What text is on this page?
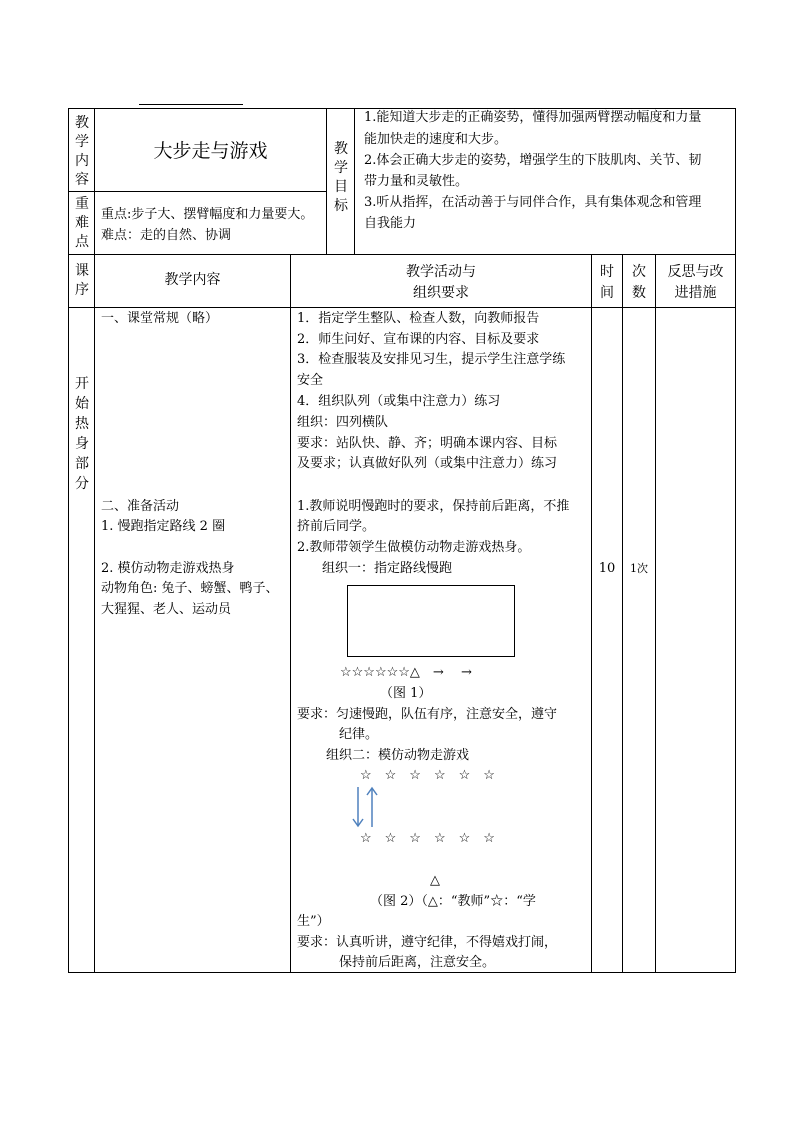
教学内容
大步走与游戏
重难点
重点:步子大、摆臂幅度和力量要大。
难点：走的自然、协调
教学目标
1.能知道大步走的正确姿势，懂得加强两臂摆动幅度和力量
能加快走的速度和大步。
2.体会正确大步走的姿势，增强学生的下肢肌肉、关节、韧
带力量和灵敏性。
3.听从指挥，在活动善于与同伴合作，具有集体观念和管理
自我能力
课序
教学内容	教学活动与
组织要求
时
间
次
数
反思与改
进措施
开始热身部分
一、课堂常规（略）
二、准备活动
1. 慢跑指定路线 2 圈
2. 模仿动物走游戏热身
动物角色: 兔子、螃蟹、鸭子、
大猩猩、老人、运动员
1．指定学生整队、检查人数，向教师报告
2．师生问好、宣布课的内容、目标及要求
3．检查服装及安排见习生，提示学生注意学练
安全
4．组织队列（或集中注意力）练习
组织：四列横队
要求：站队快、静、齐；明确本课内容、目标
及要求；认真做好队列（或集中注意力）练习
1.教师说明慢跑时的要求，保持前后距离，不推
挤前后同学。
2.教师带领学生做模仿动物走游戏热身。
组织一：指定路线慢跑
☆☆☆☆☆☆△　→　 →
（图 1）
要求：匀速慢跑，队伍有序，注意安全，遵守
纪律。
组织二：模仿动物走游戏
☆　☆　☆　☆　☆　☆
☆　☆　☆　☆　☆　☆
△
（图 2）（△：“教师”☆：“学
生”）
要求：认真听讲，遵守纪律，不得嬉戏打闹，
保持前后距离，注意安全。
10	1次
